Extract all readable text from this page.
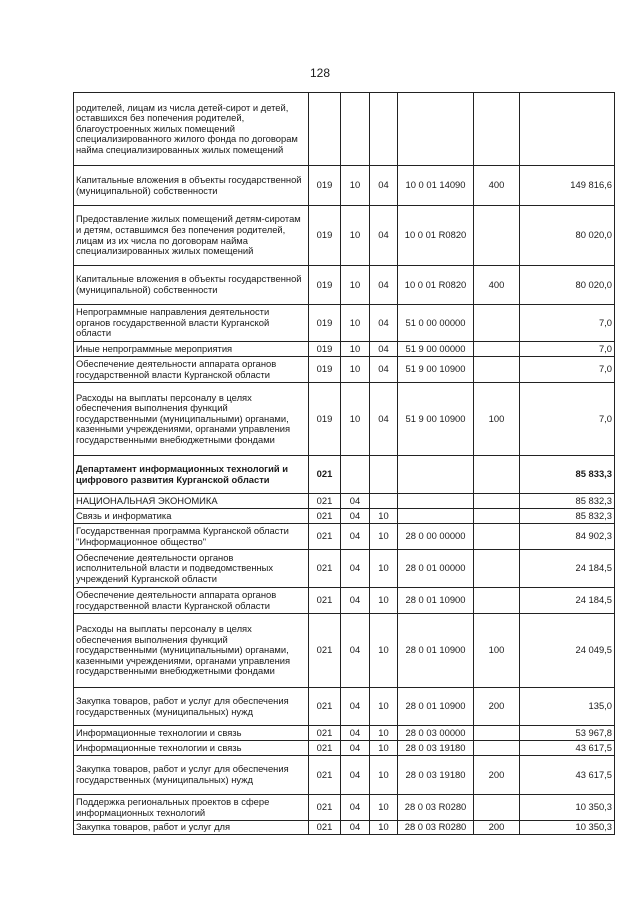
128
родителей, лицам из числа детей-сирот и детей, оставшихся без попечения родителей, благоустроенных жилых помещений специализированного жилого фонда по договорам найма специализированных жилых помещений						
Капитальные вложения в объекты государственной (муниципальной) собственности	019	10	04	10 0 01 14090	400	149 816,6
Предоставление жилых помещений детям-сиротам и детям, оставшимся без попечения родителей, лицам из их числа по договорам найма специализированных жилых помещений	019	10	04	10 0 01 R0820		80 020,0
Капитальные вложения в объекты государственной (муниципальной) собственности	019	10	04	10 0 01 R0820	400	80 020,0
Непрограммные направления деятельности органов государственной власти Курганской области	019	10	04	51 0 00 00000		7,0
Иные непрограммные мероприятия	019	10	04	51 9 00 00000		7,0
Обеспечение деятельности аппарата органов государственной власти Курганской области	019	10	04	51 9 00 10900		7,0
Расходы на выплаты персоналу в целях обеспечения выполнения функций государственными (муниципальными) органами, казенными учреждениями, органами управления государственными внебюджетными фондами	019	10	04	51 9 00 10900	100	7,0
Департамент информационных технологий и цифрового развития Курганской области	021					85 833,3
НАЦИОНАЛЬНАЯ ЭКОНОМИКА	021	04				85 832,3
Связь и информатика	021	04	10			85 832,3
Государственная программа Курганской области "Информационное общество"	021	04	10	28 0 00 00000		84 902,3
Обеспечение деятельности органов исполнительной власти и подведомственных учреждений Курганской области	021	04	10	28 0 01 00000		24 184,5
Обеспечение деятельности аппарата органов государственной власти Курганской области	021	04	10	28 0 01 10900		24 184,5
Расходы на выплаты персоналу в целях обеспечения выполнения функций государственными (муниципальными) органами, казенными учреждениями, органами управления государственными внебюджетными фондами	021	04	10	28 0 01 10900	100	24 049,5
Закупка товаров, работ и услуг для обеспечения государственных (муниципальных) нужд	021	04	10	28 0 01 10900	200	135,0
Информационные технологии и связь	021	04	10	28 0 03 00000		53 967,8
Информационные технологии и связь	021	04	10	28 0 03 19180		43 617,5
Закупка товаров, работ и услуг для обеспечения государственных (муниципальных) нужд	021	04	10	28 0 03 19180	200	43 617,5
Поддержка региональных проектов в сфере информационных технологий	021	04	10	28 0 03 R0280		10 350,3
Закупка товаров, работ и услуг для	021	04	10	28 0 03 R0280	200	10 350,3
